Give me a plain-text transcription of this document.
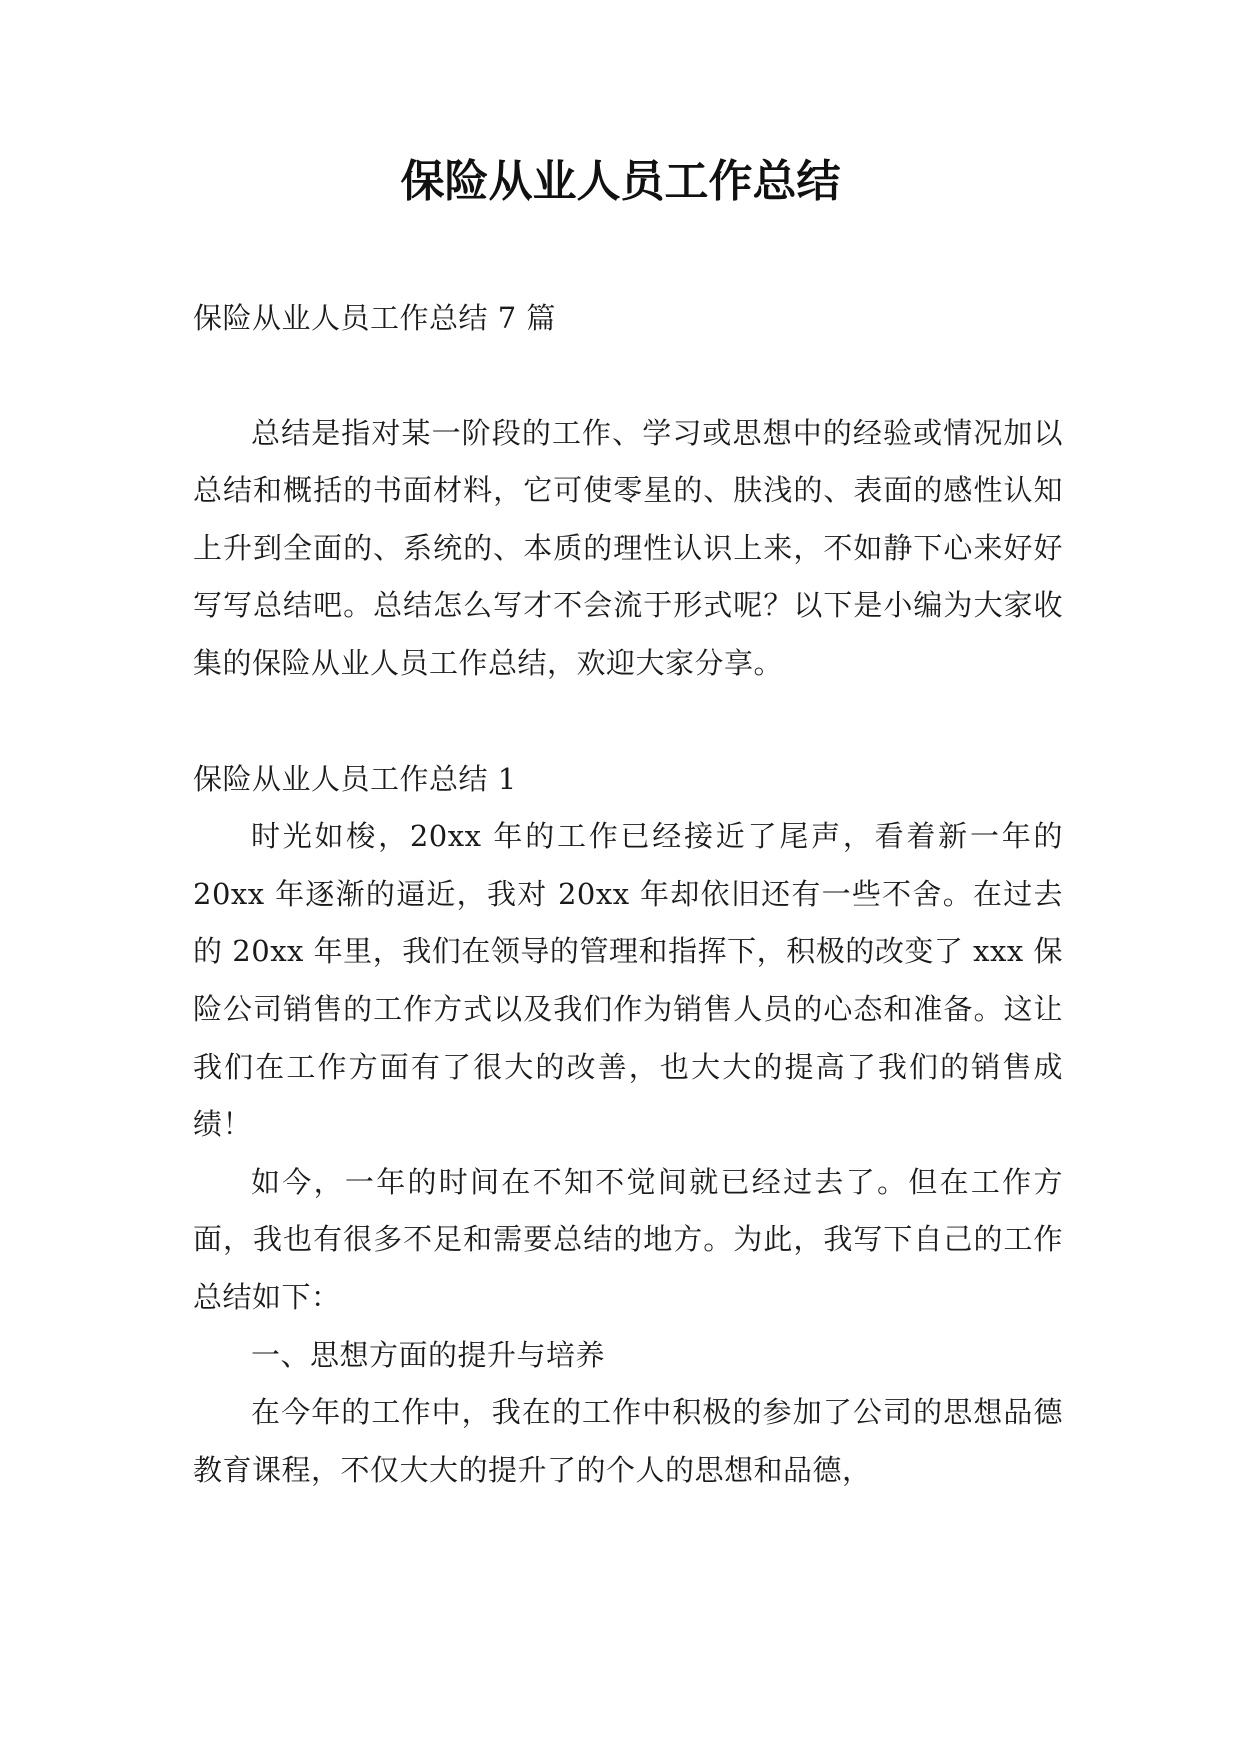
保险从业人员工作总结

保险从业人员工作总结 7 篇

总结是指对某一阶段的工作、学习或思想中的经验或情况加以总结和概括的书面材料，它可使零星的、肤浅的、表面的感性认知上升到全面的、系统的、本质的理性认识上来，不如静下心来好好写写总结吧。总结怎么写才不会流于形式呢？以下是小编为大家收集的保险从业人员工作总结，欢迎大家分享。

保险从业人员工作总结 1

时光如梭，20xx 年的工作已经接近了尾声，看着新一年的 20xx 年逐渐的逼近，我对 20xx 年却依旧还有一些不舍。在过去的 20xx 年里，我们在领导的管理和指挥下，积极的改变了 xxx 保险公司销售的工作方式以及我们作为销售人员的心态和准备。这让我们在工作方面有了很大的改善，也大大的提高了我们的销售成绩！

如今，一年的时间在不知不觉间就已经过去了。但在工作方面，我也有很多不足和需要总结的地方。为此，我写下自己的工作总结如下：

一、思想方面的提升与培养

在今年的工作中，我在的工作中积极的参加了公司的思想品德教育课程，不仅大大的提升了的个人的思想和品德，
